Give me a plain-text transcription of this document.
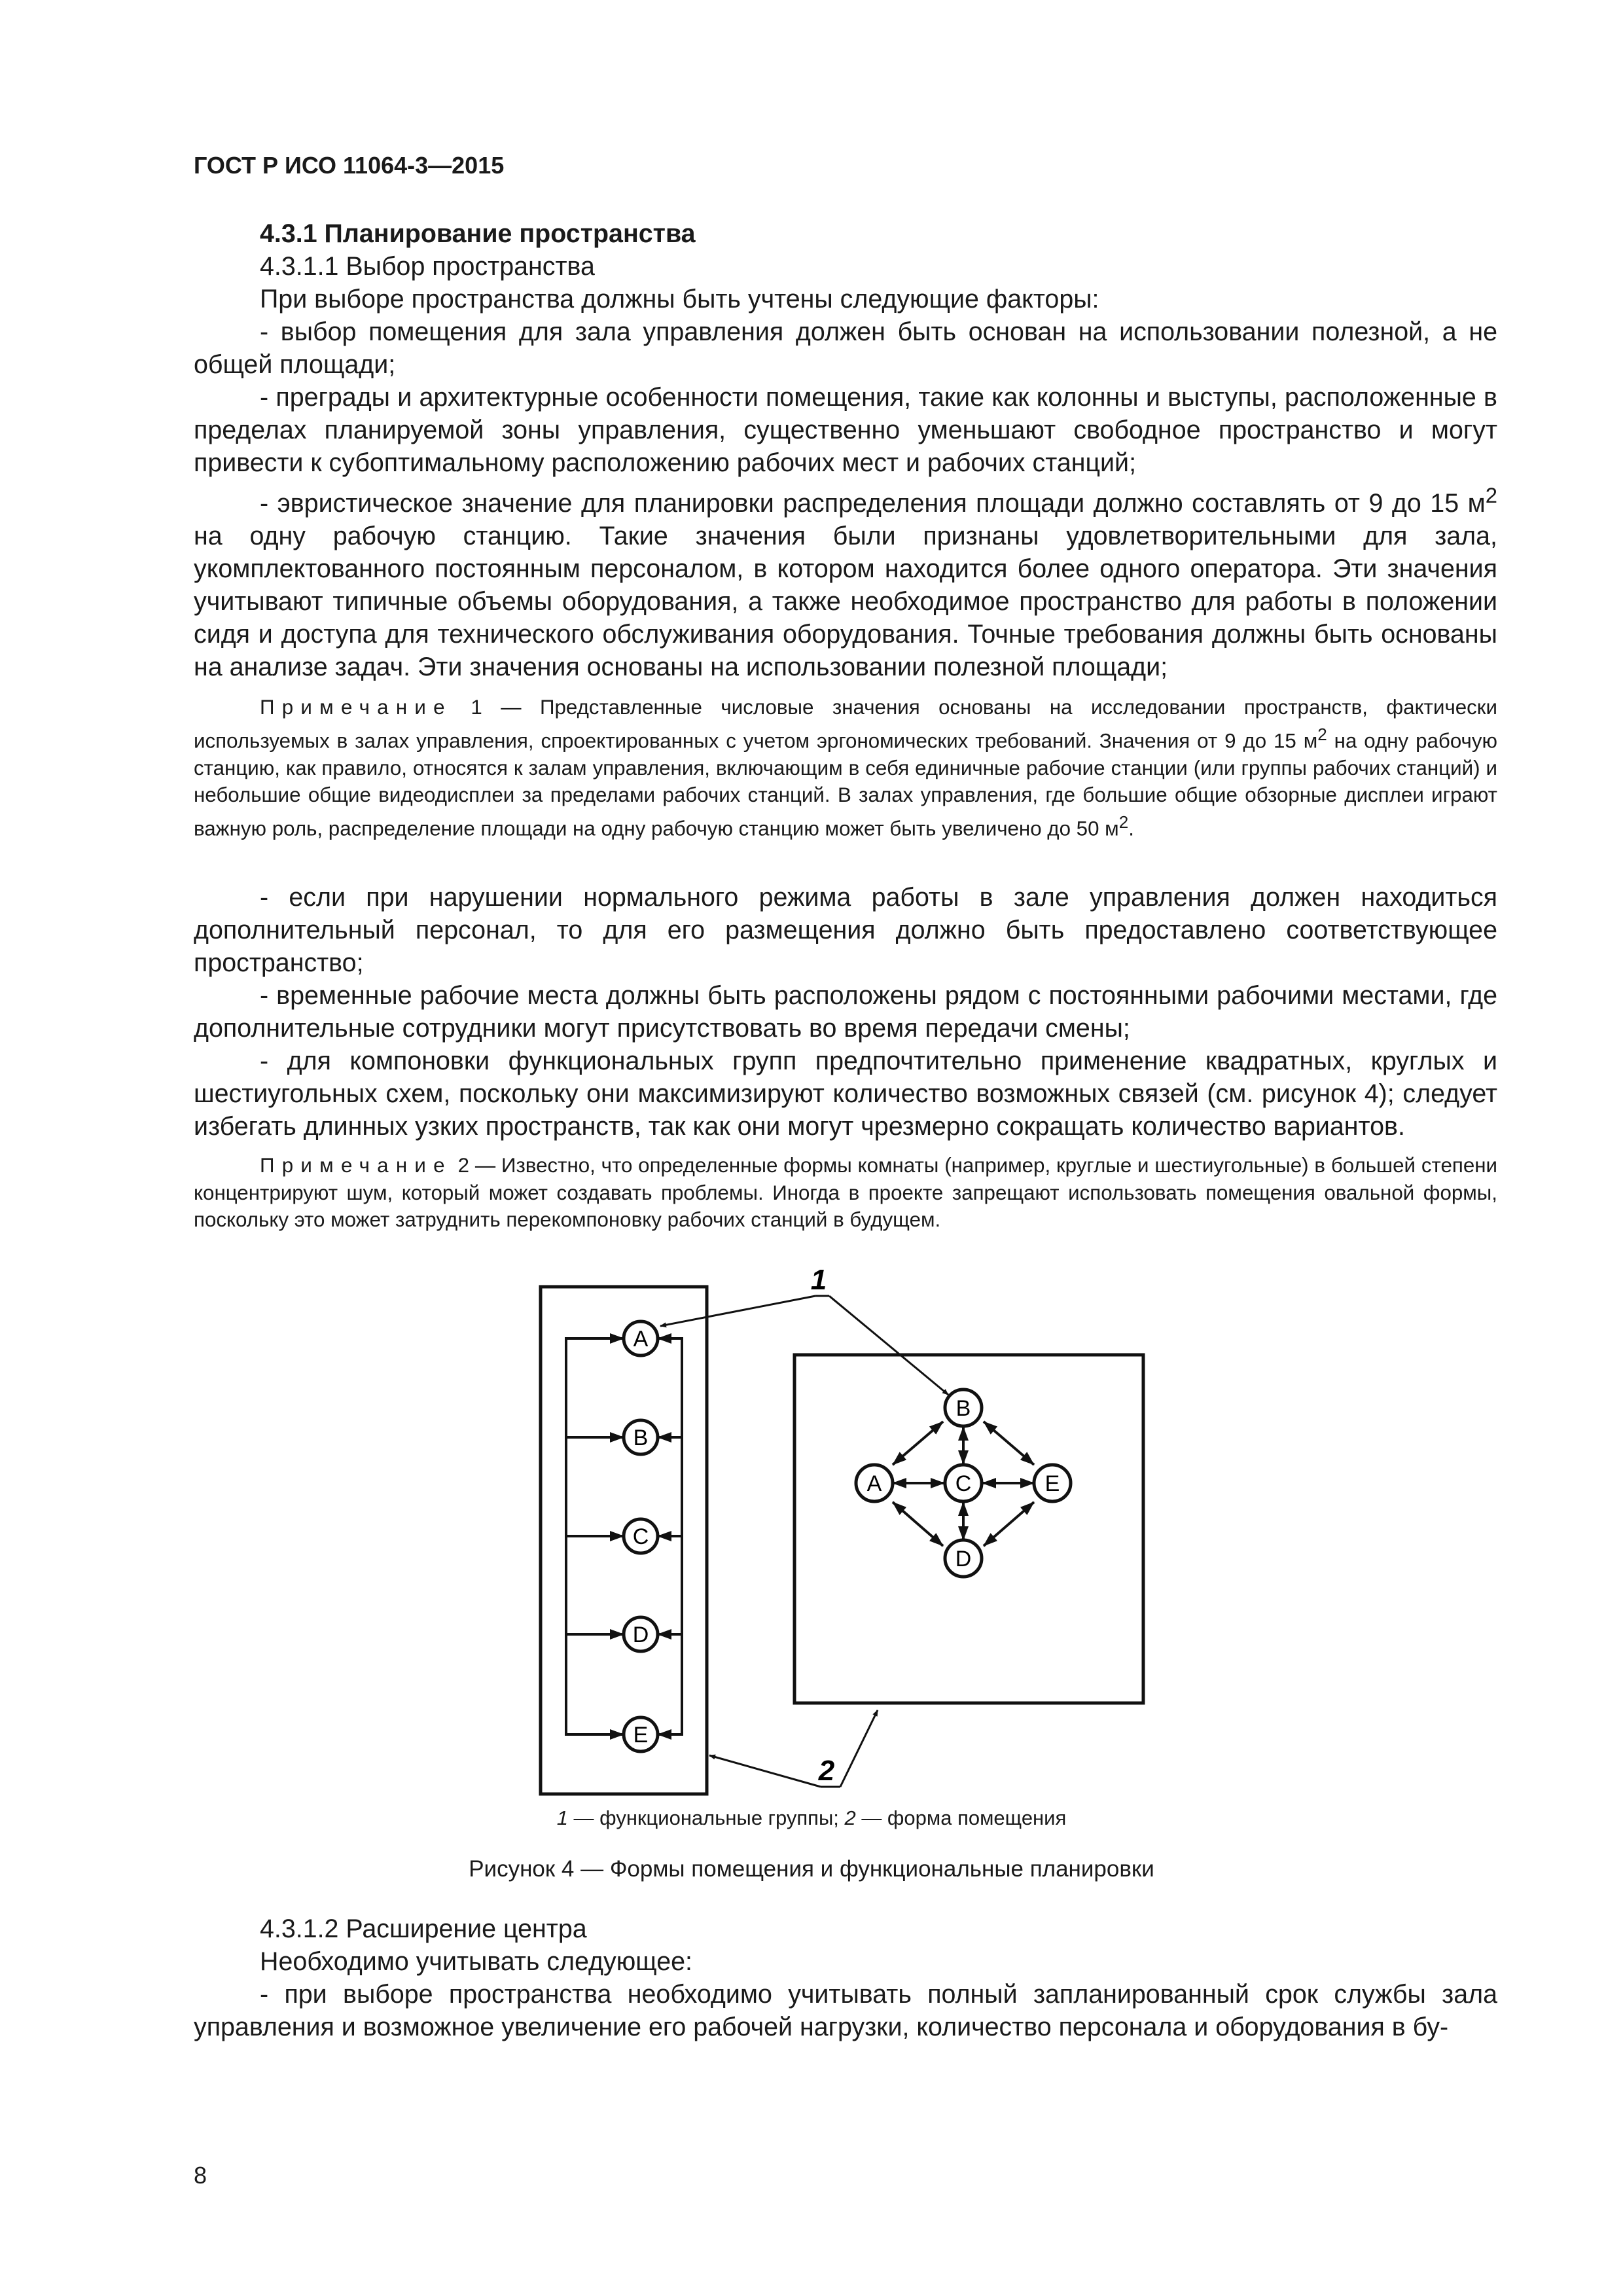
ГОСТ Р ИСО 11064-3—2015

4.3.1 Планирование пространства

4.3.1.1 Выбор пространства

При выборе пространства должны быть учтены следующие факторы:

- выбор помещения для зала управления должен быть основан на использовании полезной, а не общей площади;

- преграды и архитектурные особенности помещения, такие как колонны и выступы, расположенные в пределах планируемой зоны управления, существенно уменьшают свободное пространство и могут привести к субоптимальному расположению рабочих мест и рабочих станций;

- эвристическое значение для планировки распределения площади должно составлять от 9 до 15 $м^2$ на одну рабочую станцию. Такие значения были признаны удовлетворительными для зала, укомплектованного постоянным персоналом, в котором находится более одного оператора. Эти значения учитывают типичные объемы оборудования, а также необходимое пространство для работы в положении сидя и доступа для технического обслуживания оборудования. Точные требования должны быть основаны на анализе задач. Эти значения основаны на использовании полезной площади;

Примечание 1 — Представленные числовые значения основаны на исследовании пространств, фактически используемых в залах управления, спроектированных с учетом эргономических требований. Значения от 9 до 15 $м^2$ на одну рабочую станцию, как правило, относятся к залам управления, включающим в себя единичные рабочие станции (или группы рабочих станций) и небольшие общие видеодисплеи за пределами рабочих станций. В залах управления, где большие общие обзорные дисплеи играют важную роль, распределение площади на одну рабочую станцию может быть увеличено до 50 $м^2$.

- если при нарушении нормального режима работы в зале управления должен находиться дополнительный персонал, то для его размещения должно быть предоставлено соответствующее пространство;

- временные рабочие места должны быть расположены рядом с постоянными рабочими местами, где дополнительные сотрудники могут присутствовать во время передачи смены;

- для компоновки функциональных групп предпочтительно применение квадратных, круглых и шестиугольных схем, поскольку они максимизируют количество возможных связей (см. рисунок 4); следует избегать длинных узких пространств, так как они могут чрезмерно сокращать количество вариантов.

Примечание 2 — Известно, что определенные формы комнаты (например, круглые и шестиугольные) в большей степени концентрируют шум, который может создавать проблемы. Иногда в проекте запрещают использовать помещения овальной формы, поскольку это может затруднить перекомпоновку рабочих станций в будущем.

A
B
C
D
E
B
A	C	E
D
1
2
1 — функциональные группы; 2 — форма помещения
Рисунок 4 — Формы помещения и функциональные планировки

4.3.1.2 Расширение центра

Необходимо учитывать следующее:

- при выборе пространства необходимо учитывать полный запланированный срок службы зала управления и возможное увеличение его рабочей нагрузки, количество персонала и оборудования в бу-

8
